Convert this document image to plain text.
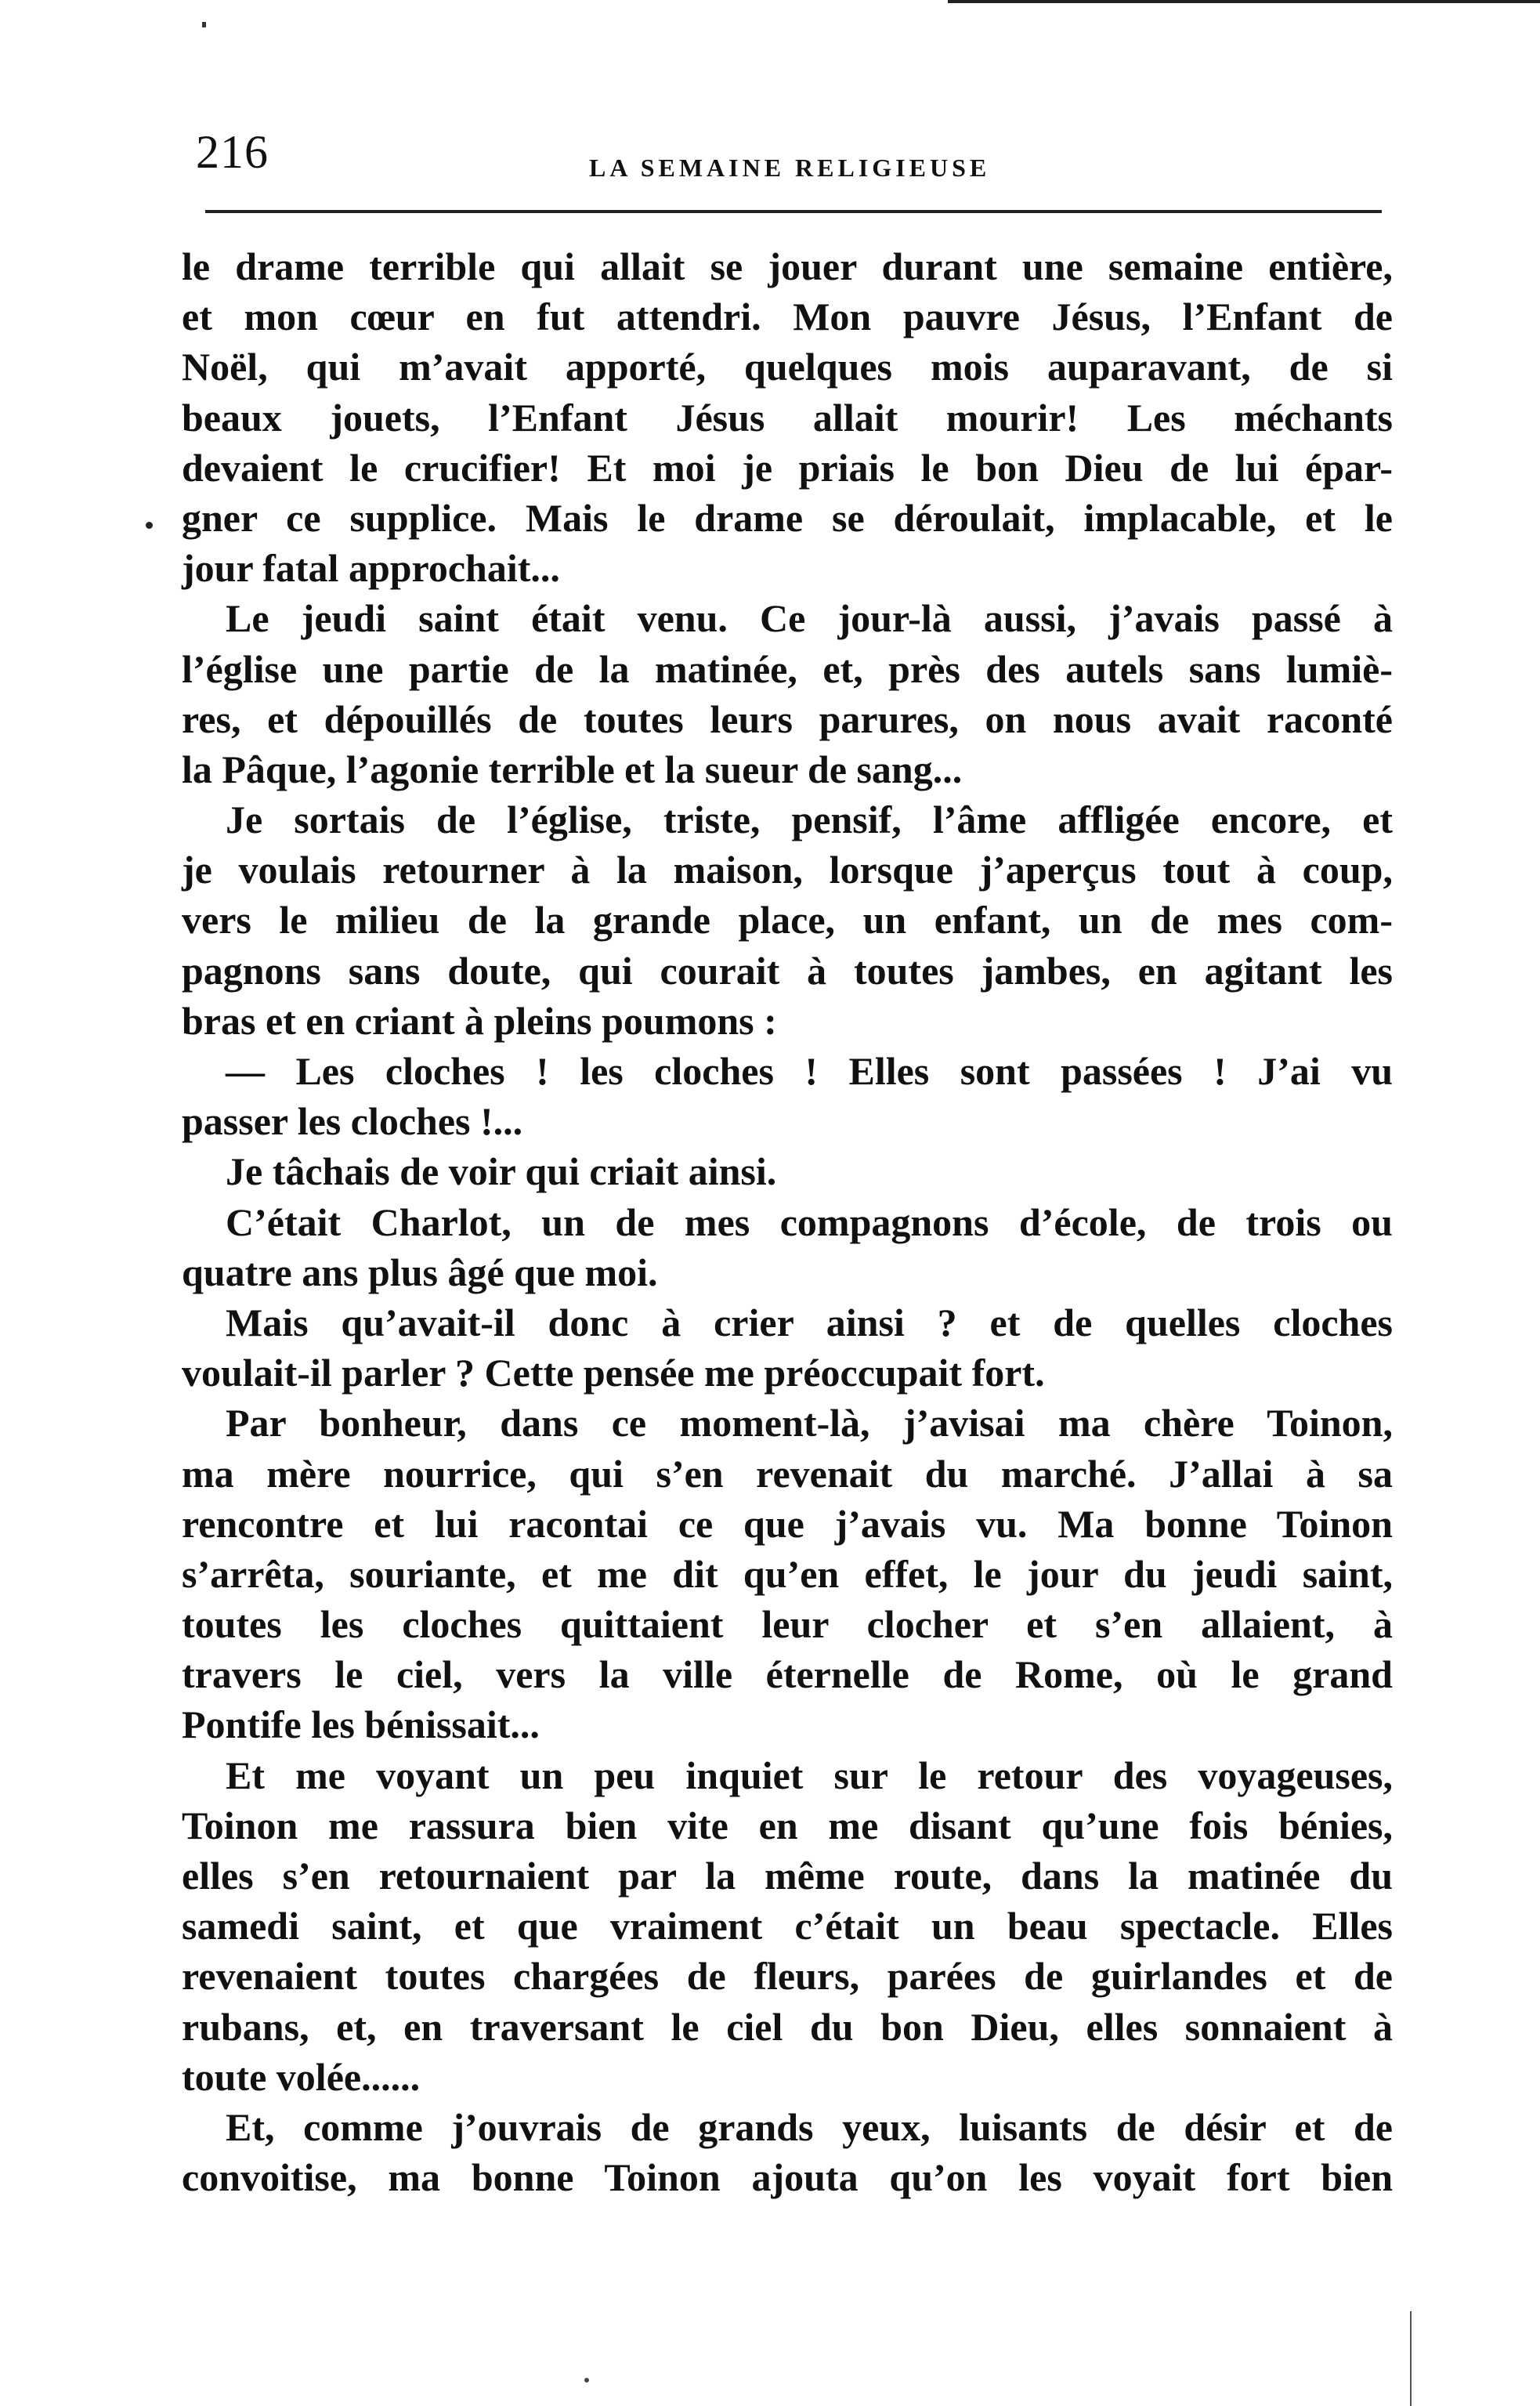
216	LA SEMAINE RELIGIEUSE
le drame terrible qui allait se jouer durant une semaine entière,
et mon cœur en fut attendri. Mon pauvre Jésus, l’Enfant de
Noël, qui m’avait apporté, quelques mois auparavant, de si
beaux jouets, l’Enfant Jésus allait mourir! Les méchants
devaient le crucifier! Et moi je priais le bon Dieu de lui épar-
gner ce supplice. Mais le drame se déroulait, implacable, et le
jour fatal approchait...
Le jeudi saint était venu. Ce jour-là aussi, j’avais passé à
l’église une partie de la matinée, et, près des autels sans lumiè-
res, et dépouillés de toutes leurs parures, on nous avait raconté
la Pâque, l’agonie terrible et la sueur de sang...
Je sortais de l’église, triste, pensif, l’âme affligée encore, et
je voulais retourner à la maison, lorsque j’aperçus tout à coup,
vers le milieu de la grande place, un enfant, un de mes com-
pagnons sans doute, qui courait à toutes jambes, en agitant les
bras et en criant à pleins poumons :
— Les cloches ! les cloches ! Elles sont passées ! J’ai vu
passer les cloches !...
Je tâchais de voir qui criait ainsi.
C’était Charlot, un de mes compagnons d’école, de trois ou
quatre ans plus âgé que moi.
Mais qu’avait-il donc à crier ainsi ? et de quelles cloches
voulait-il parler ? Cette pensée me préoccupait fort.
Par bonheur, dans ce moment-là, j’avisai ma chère Toinon,
ma mère nourrice, qui s’en revenait du marché. J’allai à sa
rencontre et lui racontai ce que j’avais vu. Ma bonne Toinon
s’arrêta, souriante, et me dit qu’en effet, le jour du jeudi saint,
toutes les cloches quittaient leur clocher et s’en allaient, à
travers le ciel, vers la ville éternelle de Rome, où le grand
Pontife les bénissait...
Et me voyant un peu inquiet sur le retour des voyageuses,
Toinon me rassura bien vite en me disant qu’une fois bénies,
elles s’en retournaient par la même route, dans la matinée du
samedi saint, et que vraiment c’était un beau spectacle. Elles
revenaient toutes chargées de fleurs, parées de guirlandes et de
rubans, et, en traversant le ciel du bon Dieu, elles sonnaient à
toute volée......
Et, comme j’ouvrais de grands yeux, luisants de désir et de
convoitise, ma bonne Toinon ajouta qu’on les voyait fort bien
